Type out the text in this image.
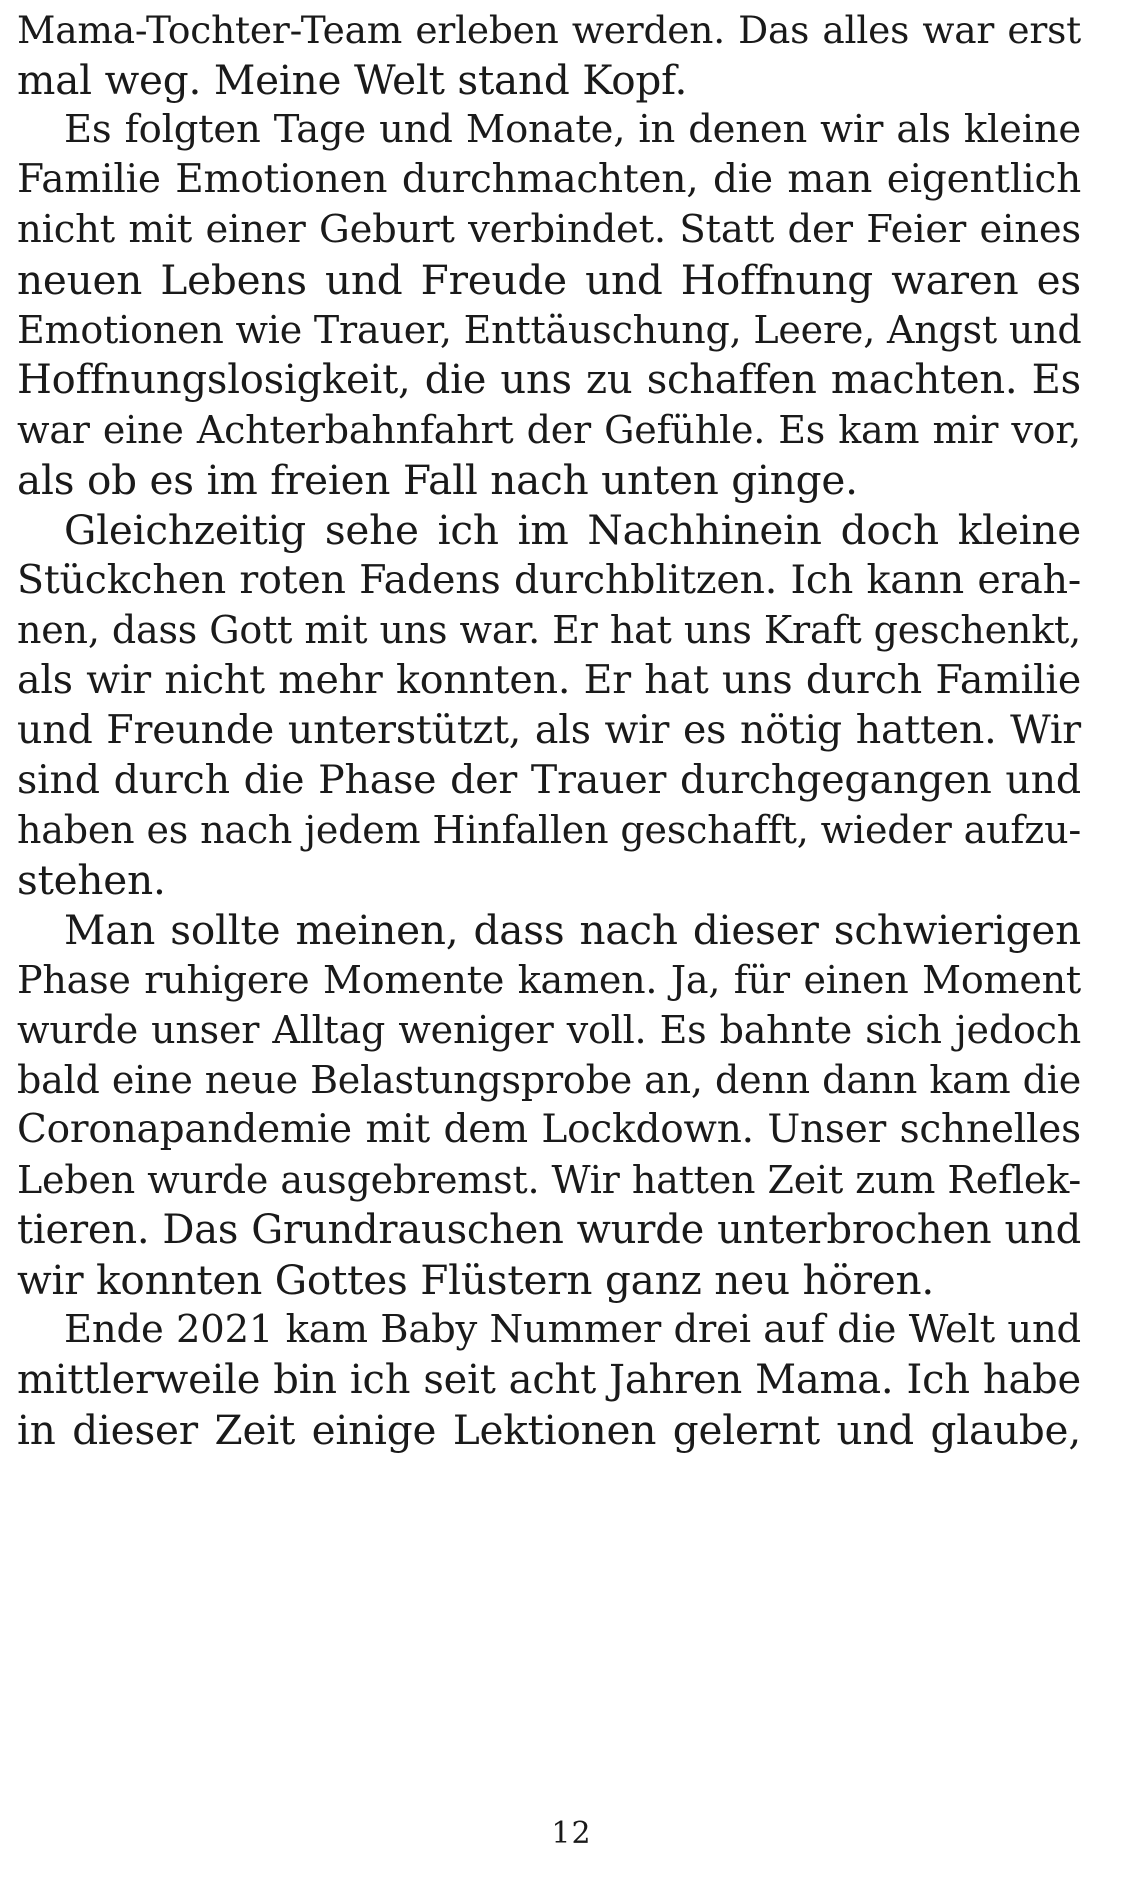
Mama-Tochter-Team erleben werden. Das alles war erst
mal weg. Meine Welt stand Kopf.
Es folgten Tage und Monate, in denen wir als kleine
Familie Emotionen durchmachten, die man eigentlich
nicht mit einer Geburt verbindet. Statt der Feier eines
neuen Lebens und Freude und Hoffnung waren es
Emotionen wie Trauer, Enttäuschung, Leere, Angst und
Hoffnungslosigkeit, die uns zu schaffen machten. Es
war eine Achterbahnfahrt der Gefühle. Es kam mir vor,
als ob es im freien Fall nach unten ginge.
Gleichzeitig sehe ich im Nachhinein doch kleine
Stückchen roten Fadens durchblitzen. Ich kann erah-
nen, dass Gott mit uns war. Er hat uns Kraft geschenkt,
als wir nicht mehr konnten. Er hat uns durch Familie
und Freunde unterstützt, als wir es nötig hatten. Wir
sind durch die Phase der Trauer durchgegangen und
haben es nach jedem Hinfallen geschafft, wieder aufzu-
stehen.
Man sollte meinen, dass nach dieser schwierigen
Phase ruhigere Momente kamen. Ja, für einen Moment
wurde unser Alltag weniger voll. Es bahnte sich jedoch
bald eine neue Belastungsprobe an, denn dann kam die
Coronapandemie mit dem Lockdown. Unser schnelles
Leben wurde ausgebremst. Wir hatten Zeit zum Reflek-
tieren. Das Grundrauschen wurde unterbrochen und
wir konnten Gottes Flüstern ganz neu hören.
Ende 2021 kam Baby Nummer drei auf die Welt und
mittlerweile bin ich seit acht Jahren Mama. Ich habe
in dieser Zeit einige Lektionen gelernt und glaube,
12
